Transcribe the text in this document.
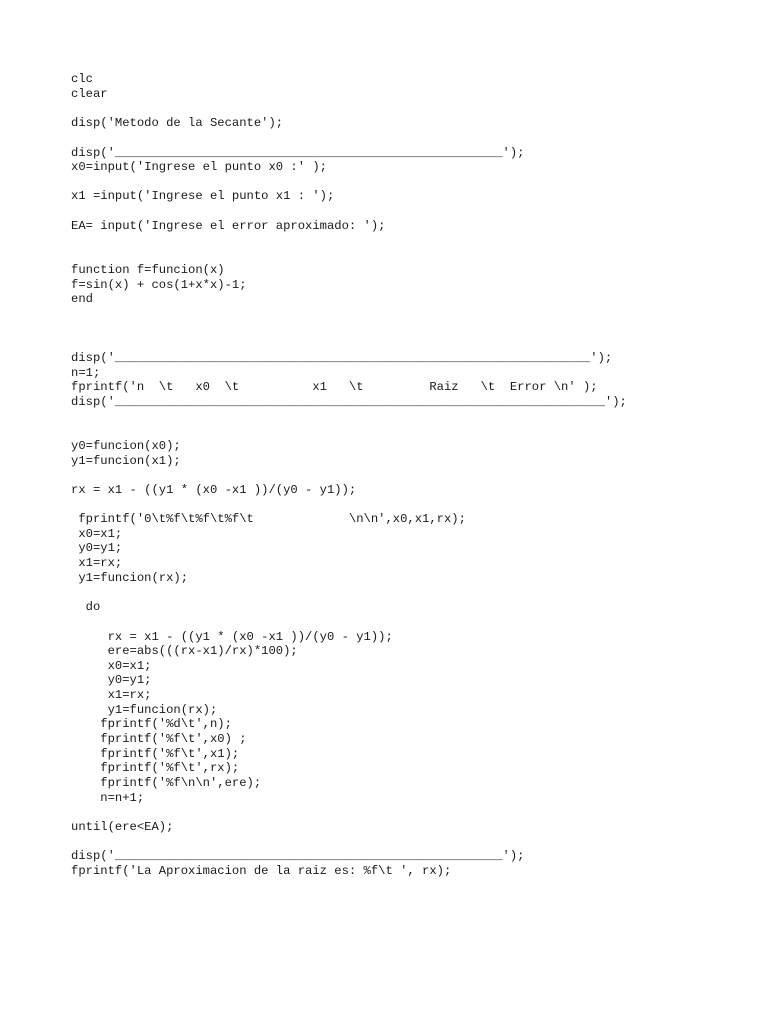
clc
clear
disp('Metodo de la Secante');
disp('_____________________________________________________');
x0=input('Ingrese el punto x0 :' );
x1 =input('Ingrese el punto x1 : ');
EA= input('Ingrese el error aproximado: ');
function f=funcion(x)
f=sin(x) + cos(1+x*x)-1;
end
disp('_________________________________________________________________');
n=1;
fprintf('n  \t   x0  \t          x1   \t         Raiz   \t  Error \n' );
disp('___________________________________________________________________');
y0=funcion(x0);
y1=funcion(x1);
rx = x1 - ((y1 * (x0 -x1 ))/(y0 - y1));
fprintf('0\t%f\t%f\t%f\t             \n\n',x0,x1,rx);
x0=x1;
y0=y1;
x1=rx;
y1=funcion(rx);
do
rx = x1 - ((y1 * (x0 -x1 ))/(y0 - y1));
ere=abs(((rx-x1)/rx)*100);
x0=x1;
y0=y1;
x1=rx;
y1=funcion(rx);
fprintf('%d\t',n);
fprintf('%f\t',x0) ;
fprintf('%f\t',x1);
fprintf('%f\t',rx);
fprintf('%f\n\n',ere);
n=n+1;
until(ere<EA);
disp('_____________________________________________________');
fprintf('La Aproximacion de la raiz es: %f\t ', rx);
